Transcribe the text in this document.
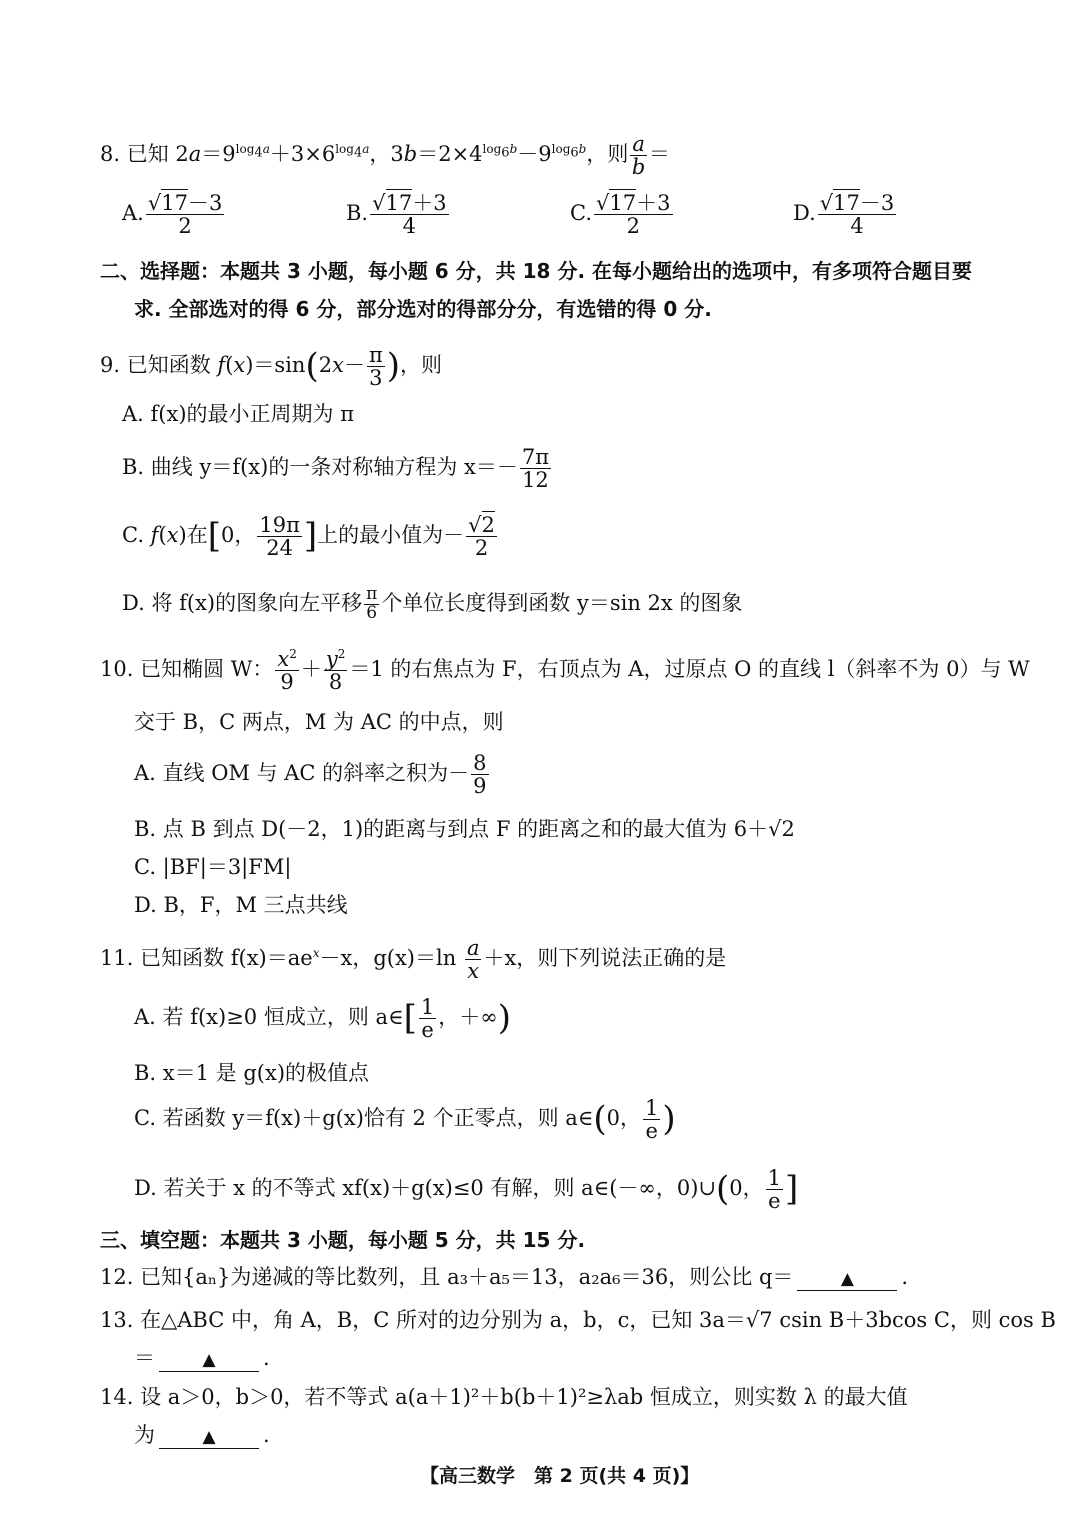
8. 已知 $2a=9^{log_4a}+3\times 6^{log_4a}$，$3b=2\times 4^{log_6b}-9^{log_6b}$，则 $\frac{a}{b}$ ＝
A. $\frac{√17-3}{2}$	B. $\frac{√17+3}{4}$	C. $\frac{√17+3}{2}$	D. $\frac{√17-3}{4}$
二、选择题：本题共 3 小题，每小题 6 分，共 18 分. 在每小题给出的选项中，有多项符合题目要
求. 全部选对的得 6 分，部分选对的得部分分，有选错的得 0 分.
9. 已知函数 $f(x)=\sin(2x- \frac{\pi}{3}$ )，则
A. f(x)的最小正周期为 π
B. 曲线 y＝f(x)的一条对称轴方程为 $x=- \frac{7\pi}{12}$
C. f(x)在[0， $\frac{19\pi}{24}$ ]上的最小值为－ $\frac{√2}{2}$
D. 将 f(x)的图象向左平移 $\frac{\pi}{6}$ 个单位长度得到函数 y＝sin 2x 的图象
10. 已知椭圆 W： $\frac{x^2}{9} + \frac{y^2}{8} =1$ 的右焦点为 F，右顶点为 A，过原点 O 的直线 l（斜率不为 0）与 W
交于 B，C 两点，M 为 AC 的中点，则
A. 直线 OM 与 AC 的斜率之积为－ $\frac{8}{9}$
B. 点 B 到点 D(－2，1)的距离与到点 F 的距离之和的最大值为 6＋√2
C. |BF|＝3|FM|
D. B，F，M 三点共线
11. 已知函数 $f(x)=ae^x-x$，$g(x)=\ln \frac{a}{x} +x$，则下列说法正确的是
A. 若 f(x)≥0 恒成立，则 a∈[ $\frac{1}{e}$ ，＋∞)
B. x＝1 是 g(x)的极值点
C. 若函数 y＝f(x)＋g(x)恰有 2 个正零点，则 a∈(0， $\frac{1}{e}$ )
D. 若关于 x 的不等式 xf(x)＋g(x)≤0 有解，则 a∈(－∞，0)∪(0， $\frac{1}{e}$ ]
三、填空题：本题共 3 小题，每小题 5 分，共 15 分.
12. 已知{aₙ}为递减的等比数列，且 a₃＋a₅＝13，a₂a₆＝36，则公比 q＝	▲ .
13. 在△ABC 中，角 A，B，C 所对的边分别为 a，b，c，已知 3a＝√7 csin B＋3bcos C，则 cos B
＝	▲ .
14. 设 a＞0，b＞0，若不等式 a(a＋1)²＋b(b＋1)²≥λab 恒成立，则实数 λ 的最大值
为	▲ .
【高三数学　第 2 页(共 4 页)】
